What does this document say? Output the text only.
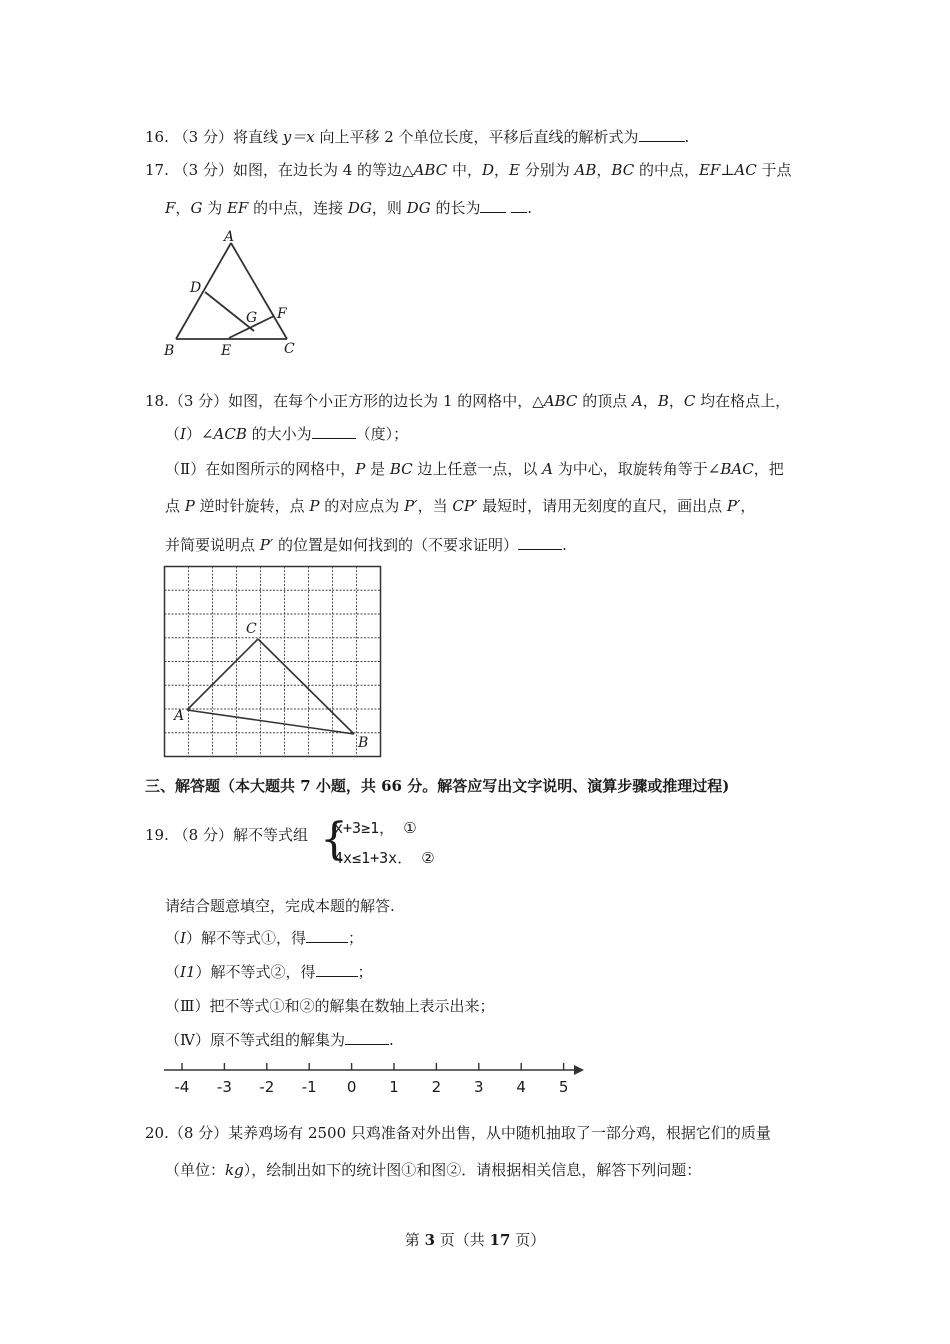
16. （3 分）将直线 y＝x 向上平移 2 个单位长度，平移后直线的解析式为	.
17. （3 分）如图，在边长为 4 的等边△ABC 中，D，E 分别为 AB，BC 的中点，EF⊥AC 于点
F，G 为 EF 的中点，连接 DG，则 DG 的长为	.
A
B	C
D
E
F
G
18.（3 分）如图，在每个小正方形的边长为 1 的网格中，△ABC 的顶点 A，B，C 均在格点上，
（I）∠ACB 的大小为	（度）；
（Ⅱ）在如图所示的网格中，P 是 BC 边上任意一点，以 A 为中心，取旋转角等于∠BAC，把
点 P 逆时针旋转，点 P 的对应点为 P′，当 CP′ 最短时，请用无刻度的直尺，画出点 P′，
并简要说明点 P′ 的位置是如何找到的（不要求证明）	.
A
B
C
三、解答题（本大题共 7 小题，共 66 分。解答应写出文字说明、演算步骤或推理过程)
19. （8 分）解不等式组 {
x+3≥1， ①
4x≤1+3x． ②
请结合题意填空，完成本题的解答.
（I）解不等式①，得	；
（I1）解不等式②，得	；
（Ⅲ）把不等式①和②的解集在数轴上表示出来；
（Ⅳ）原不等式组的解集为	.
-4 -3 -2 -1 0 1 2 3 4 5
20.（8 分）某养鸡场有 2500 只鸡准备对外出售，从中随机抽取了一部分鸡，根据它们的质量
（单位：kg），绘制出如下的统计图①和图②．请根据相关信息，解答下列问题：
第 3 页（共 17 页）
